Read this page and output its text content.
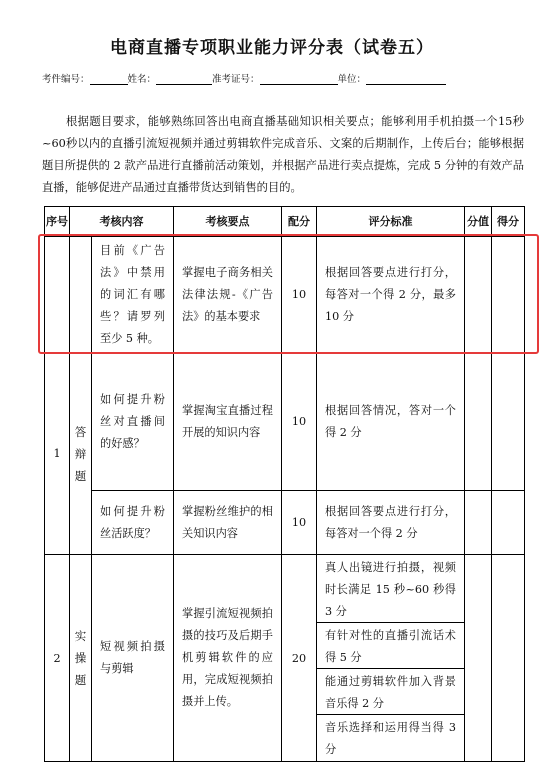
电商直播专项职业能力评分表（试卷五）
考件编号：	姓名：	准考证号：	单位：
根据题目要求，能够熟练回答出电商直播基础知识相关要点；能够利用手机拍摄一个15秒~60秒以内的直播引流短视频并通过剪辑软件完成音乐、文案的后期制作，上传后台；能够根据题目所提供的 2 款产品进行直播前活动策划，并根据产品进行卖点提炼，完成 5 分钟的有效产品直播，能够促进产品通过直播带货达到销售的目的。
序号	考核内容		考核要点	配分	评分标准	分值	得分

		目前《广告法》中禁用的词汇有哪些？请罗列至少 5 种。	掌握电子商务相关法律法规-《广告法》的基本要求	10	根据回答要点进行打分，每答对一个得 2 分，最多 10 分		

1	答辩题	如何提升粉丝对直播间的好感？	掌握淘宝直播过程开展的知识内容	10	根据回答情况，答对一个得 2 分		

		如何提升粉丝活跃度？	掌握粉丝维护的相关知识内容	10	根据回答要点进行打分，每答对一个得 2 分		

2	实操题	短视频拍摄与剪辑	掌握引流短视频拍摄的技巧及后期手机剪辑软件的应用，完成短视频拍摄并上传。	20	真人出镜进行拍摄，视频时长满足 15 秒~60 秒得 3 分
有针对性的直播引流话术得 5 分
能通过剪辑软件加入背景音乐得 2 分
音乐选择和运用得当得 3 分		
